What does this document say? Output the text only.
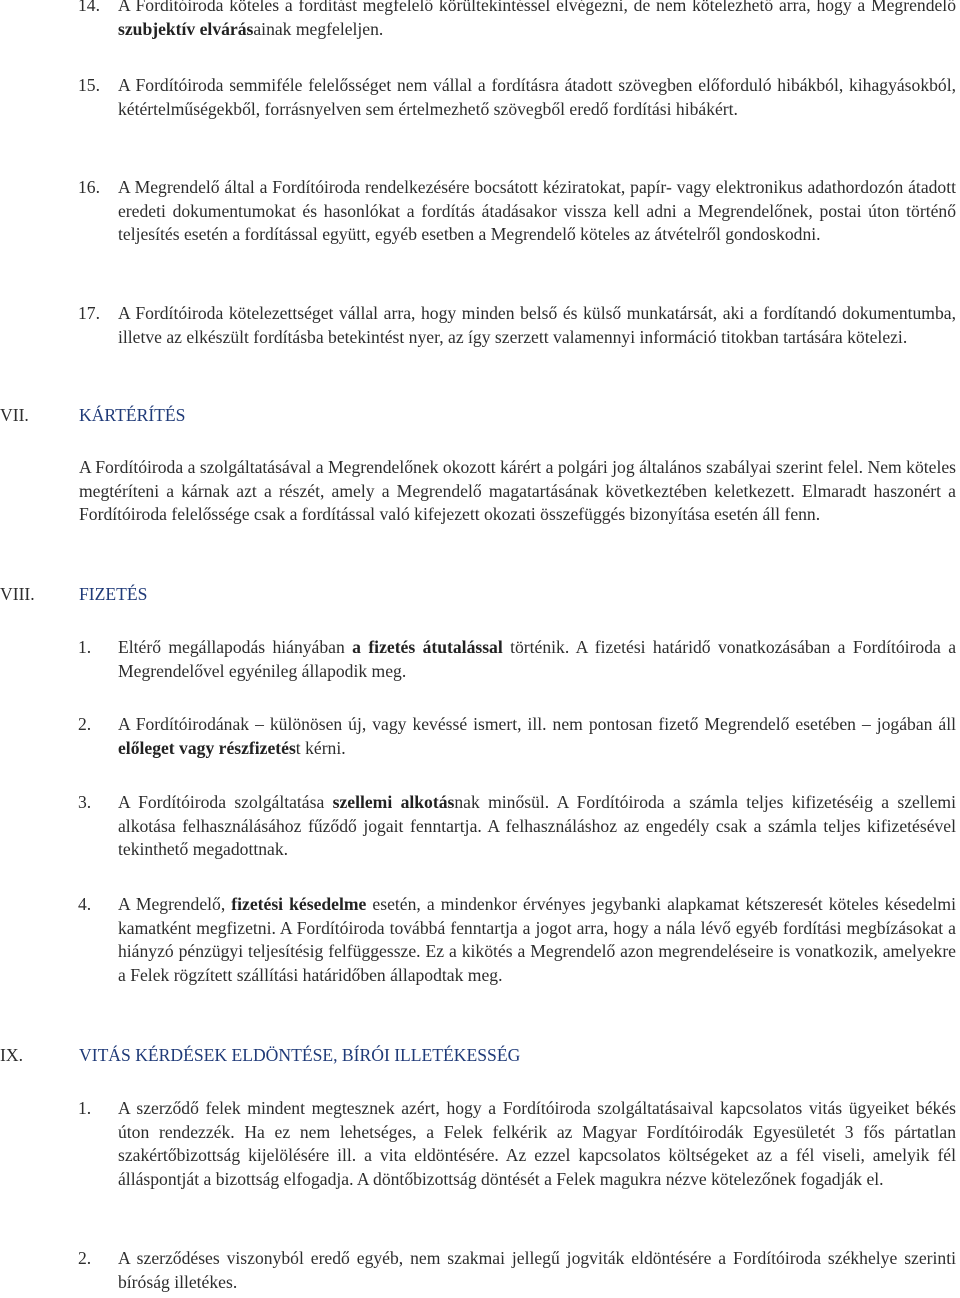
14. A Fordítóiroda köteles a fordítást megfelelő körültekintéssel elvégezni, de nem kötelezhető arra, hogy a Megrendelő szubjektív elvárásainak megfeleljen.
15. A Fordítóiroda semmiféle felelősséget nem vállal a fordításra átadott szövegben előforduló hibákból, kihagyásokból, kétértelműségekből, forrásnyelven sem értelmezhető szövegből eredő fordítási hibákért.
16. A Megrendelő által a Fordítóiroda rendelkezésére bocsátott kéziratokat, papír- vagy elektronikus adathordozón átadott eredeti dokumentumokat és hasonlókat a fordítás átadásakor vissza kell adni a Megrendelőnek, postai úton történő teljesítés esetén a fordítással együtt, egyéb esetben a Megrendelő köteles az átvételről gondoskodni.
17. A Fordítóiroda kötelezettséget vállal arra, hogy minden belső és külső munkatársát, aki a fordítandó dokumentumba, illetve az elkészült fordításba betekintést nyer, az így szerzett valamennyi információ titokban tartására kötelezi.
VII.	KÁRTÉRÍTÉS
A Fordítóiroda a szolgáltatásával a Megrendelőnek okozott kárért a polgári jog általános szabályai szerint felel. Nem köteles megtéríteni a kárnak azt a részét, amely a Megrendelő magatartásának következtében keletkezett. Elmaradt haszonért a Fordítóiroda felelőssége csak a fordítással való kifejezett okozati összefüggés bizonyítása esetén áll fenn.
VIII.	FIZETÉS
1. Eltérő megállapodás hiányában a fizetés átutalással történik. A fizetési határidő vonatkozásában a Fordítóiroda a Megrendelővel egyénileg állapodik meg.
2. A Fordítóirodának – különösen új, vagy kevéssé ismert, ill. nem pontosan fizető Megrendelő esetében – jogában áll előleget vagy részfizetést kérni.
3. A Fordítóiroda szolgáltatása szellemi alkotásnak minősül. A Fordítóiroda a számla teljes kifizetéséig a szellemi alkotása felhasználásához fűződő jogait fenntartja. A felhasználáshoz az engedély csak a számla teljes kifizetésével tekinthető megadottnak.
4. A Megrendelő, fizetési késedelme esetén, a mindenkor érvényes jegybanki alapkamat kétszeresét köteles késedelmi kamatként megfizetni. A Fordítóiroda továbbá fenntartja a jogot arra, hogy a nála lévő egyéb fordítási megbízásokat a hiányzó pénzügyi teljesítésig felfüggessze. Ez a kikötés a Megrendelő azon megrendeléseire is vonatkozik, amelyekre a Felek rögzített szállítási határidőben állapodtak meg.
IX.	VITÁS KÉRDÉSEK ELDÖNTÉSE, BÍRÓI ILLETÉKESSÉG
1. A szerződő felek mindent megtesznek azért, hogy a Fordítóiroda szolgáltatásaival kapcsolatos vitás ügyeiket békés úton rendezzék. Ha ez nem lehetséges, a Felek felkérik az Magyar Fordítóirodák Egyesületét 3 fős pártatlan szakértőbizottság kijelölésére ill. a vita eldöntésére. Az ezzel kapcsolatos költségeket az a fél viseli, amelyik fél álláspontját a bizottság elfogadja. A döntőbizottság döntését a Felek magukra nézve kötelezőnek fogadják el.
2. A szerződéses viszonyból eredő egyéb, nem szakmai jellegű jogviták eldöntésére a Fordítóiroda székhelye szerinti bíróság illetékes.
